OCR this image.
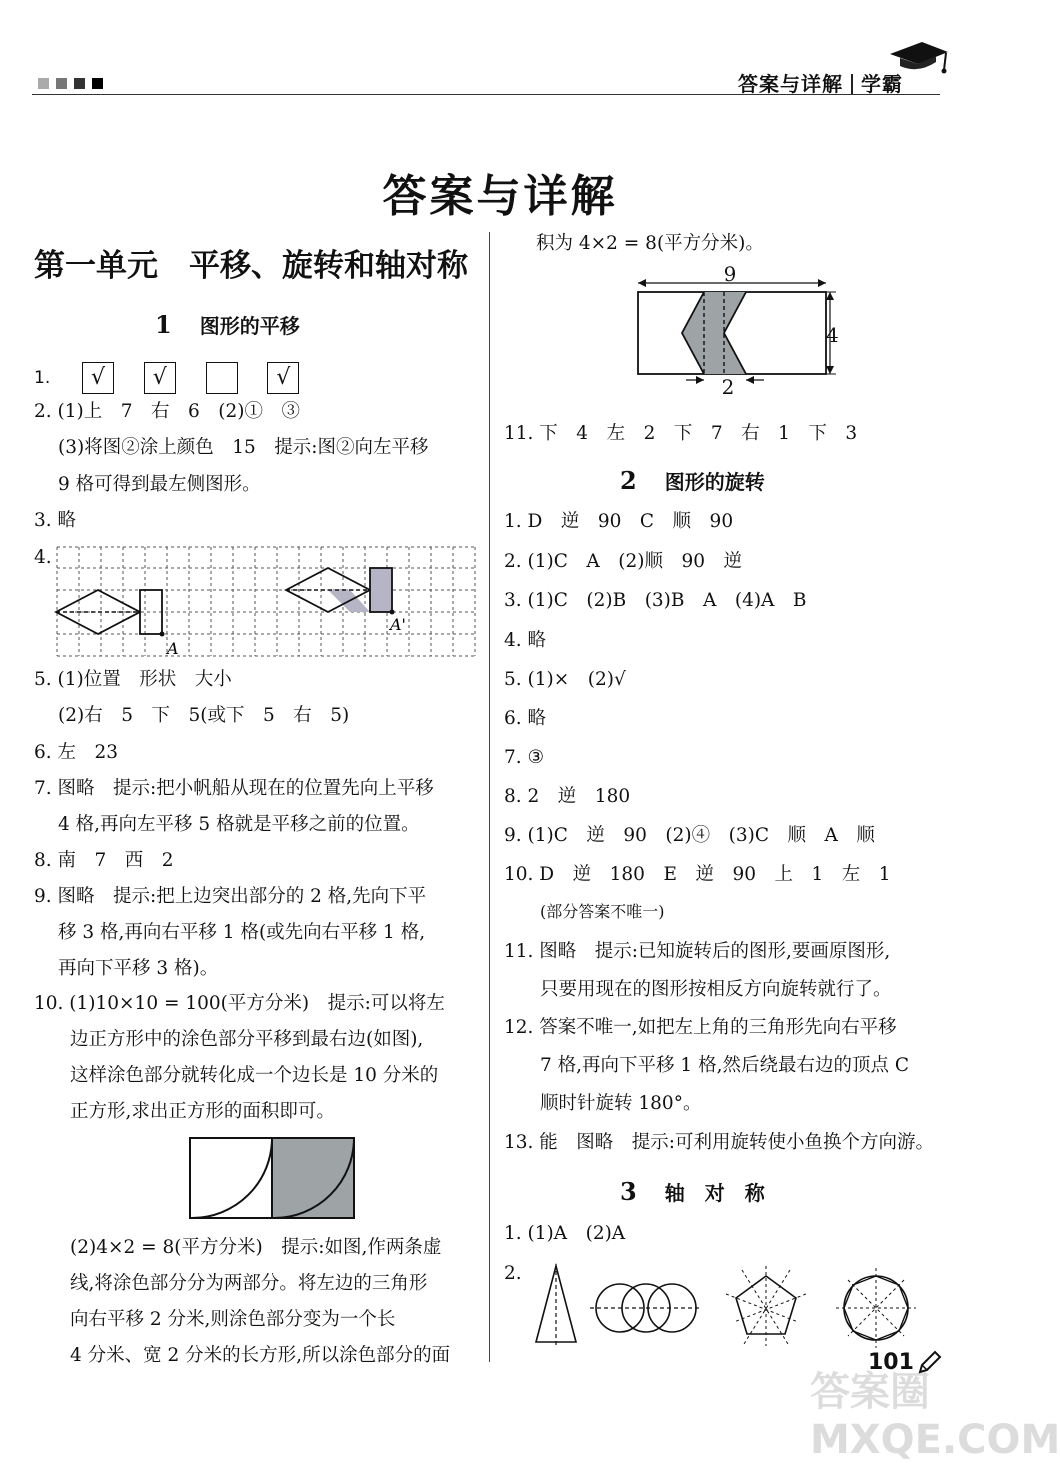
答案与详解 学霸
答案与详解
第一单元　平移、旋转和轴对称
1 图形的平移
1. √ √	√
2. (1)上　7　右　6　(2)①　③
(3)将图②涂上颜色　15　提示:图②向左平移
9 格可得到最左侧图形。
3. 略
4.
A
A'
5. (1)位置　形状　大小
(2)右　5　下　5(或下　5　右　5)
6. 左　23
7. 图略　提示:把小帆船从现在的位置先向上平移
4 格,再向左平移 5 格就是平移之前的位置。
8. 南　7　西　2
9. 图略　提示:把上边突出部分的 2 格,先向下平
移 3 格,再向右平移 1 格(或先向右平移 1 格,
再向下平移 3 格)。
10. (1)10×10 = 100(平方分米)　提示:可以将左
边正方形中的涂色部分平移到最右边(如图),
这样涂色部分就转化成一个边长是 10 分米的
正方形,求出正方形的面积即可。
(2)4×2 = 8(平方分米)　提示:如图,作两条虚
线,将涂色部分分为两部分。将左边的三角形
向右平移 2 分米,则涂色部分变为一个长
4 分米、宽 2 分米的长方形,所以涂色部分的面
积为 4×2 = 8(平方分米)。
9
4
2
11. 下　4　左　2　下　7　右　1　下　3
2 图形的旋转
1. D　逆　90　C　顺　90
2. (1)C　A　(2)顺　90　逆
3. (1)C　(2)B　(3)B　A　(4)A　B
4. 略
5. (1)×　(2)√
6. 略
7. ③
8. 2　逆　180
9. (1)C　逆　90　(2)④　(3)C　顺　A　顺
10. D　逆　180　E　逆　90　上　1　左　1
(部分答案不唯一)
11. 图略　提示:已知旋转后的图形,要画原图形,
只要用现在的图形按相反方向旋转就行了。
12. 答案不唯一,如把左上角的三角形先向右平移
7 格,再向下平移 1 格,然后绕最右边的顶点 C
顺时针旋转 180°。
13. 能　图略　提示:可利用旋转使小鱼换个方向游。
3 轴　对　称
1. (1)A　(2)A
2.
答案圈 MXQE.COM
101
